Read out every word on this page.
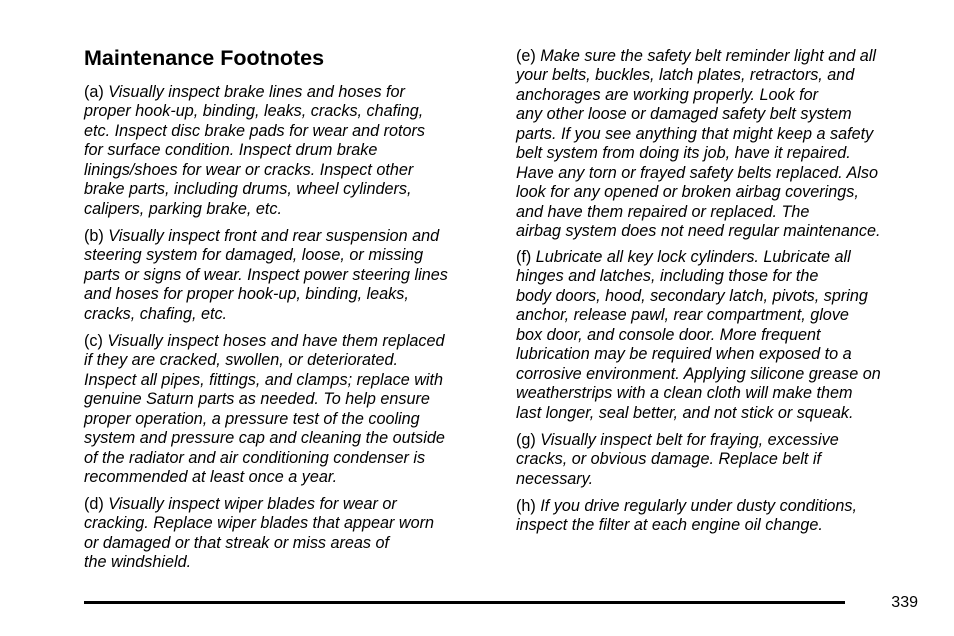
Maintenance Footnotes

(a) Visually inspect brake lines and hoses for
proper hook-up, binding, leaks, cracks, chafing,
etc. Inspect disc brake pads for wear and rotors
for surface condition. Inspect drum brake
linings/shoes for wear or cracks. Inspect other
brake parts, including drums, wheel cylinders,
calipers, parking brake, etc.

(b) Visually inspect front and rear suspension and
steering system for damaged, loose, or missing
parts or signs of wear. Inspect power steering lines
and hoses for proper hook-up, binding, leaks,
cracks, chafing, etc.

(c) Visually inspect hoses and have them replaced
if they are cracked, swollen, or deteriorated.
Inspect all pipes, fittings, and clamps; replace with
genuine Saturn parts as needed. To help ensure
proper operation, a pressure test of the cooling
system and pressure cap and cleaning the outside
of the radiator and air conditioning condenser is
recommended at least once a year.

(d) Visually inspect wiper blades for wear or
cracking. Replace wiper blades that appear worn
or damaged or that streak or miss areas of
the windshield.

(e) Make sure the safety belt reminder light and all
your belts, buckles, latch plates, retractors, and
anchorages are working properly. Look for
any other loose or damaged safety belt system
parts. If you see anything that might keep a safety
belt system from doing its job, have it repaired.
Have any torn or frayed safety belts replaced. Also
look for any opened or broken airbag coverings,
and have them repaired or replaced. The
airbag system does not need regular maintenance.

(f) Lubricate all key lock cylinders. Lubricate all
hinges and latches, including those for the
body doors, hood, secondary latch, pivots, spring
anchor, release pawl, rear compartment, glove
box door, and console door. More frequent
lubrication may be required when exposed to a
corrosive environment. Applying silicone grease on
weatherstrips with a clean cloth will make them
last longer, seal better, and not stick or squeak.

(g) Visually inspect belt for fraying, excessive
cracks, or obvious damage. Replace belt if
necessary.

(h) If you drive regularly under dusty conditions,
inspect the filter at each engine oil change.

339
